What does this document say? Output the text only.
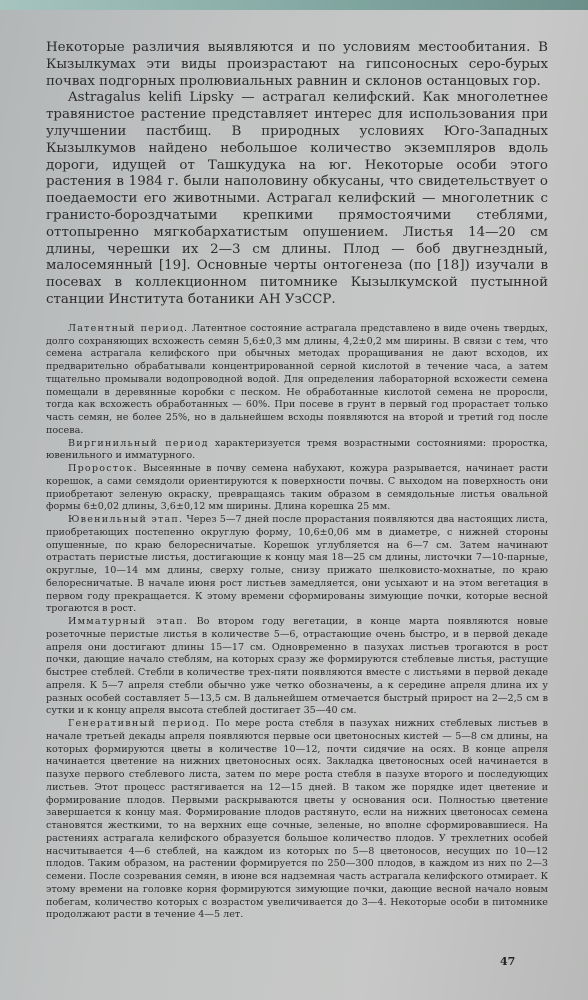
Некоторые различия выявляются и по условиям местообитания. В Кызылкумах эти виды произрастают на гипсоносных серо-бурых почвах подгорных пролювиальных равнин и склонов останцовых гор.

Astragalus kelifi Lipsky — астрагал келифский. Как многолетнее травянистое растение представляет интерес для использования при улучшении пастбищ. В природных условиях Юго-Западных Кызылкумов найдено небольшое количество экземпляров вдоль дороги, идущей от Ташкудука на юг. Некоторые особи этого растения в 1984 г. были наполовину обкусаны, что свидетельствует о поедаемости его животными. Астрагал келифский — многолетник с гранисто-бороздчатыми крепкими прямостоячими стеблями, оттопыренно мягкобархатистым опушением. Листья 14—20 см длины, черешки их 2—3 см длины. Плод — боб двугнездный, малосемянный [19]. Основные черты онтогенеза (по [18]) изучали в посевах в коллекционном питомнике Кызылкумской пустынной станции Института ботаники АН УзССР.

Латентный период. Латентное состояние астрагала представлено в виде очень твердых, долго сохраняющих всхожесть семян 5,6±0,3 мм длины, 4,2±0,2 мм ширины. В связи с тем, что семена астрагала келифского при обычных методах проращивания не дают всходов, их предварительно обрабатывали концентрированной серной кислотой в течение часа, а затем тщательно промывали водопроводной водой. Для определения лабораторной всхожести семена помещали в деревянные коробки с песком. Не обработанные кислотой семена не проросли, тогда как всхожесть обработанных — 60%. При посеве в грунт в первый год прорастает только часть семян, не более 25%, но в дальнейшем всходы появляются на второй и третий год после посева.

Виргинильный период характеризуется тремя возрастными состояниями: проростка, ювенильного и имматурного.

Проросток. Высеянные в почву семена набухают, кожура разрывается, начинает расти корешок, а сами семядоли ориентируются к поверхности почвы. С выходом на поверхность они приобретают зеленую окраску, превращаясь таким образом в семядольные листья овальной формы 6±0,02 длины, 3,6±0,12 мм ширины. Длина корешка 25 мм.

Ювенильный этап. Через 5—7 дней после прорастания появляются два настоящих листа, приобретающих постепенно округлую форму, 10,6±0,06 мм в диаметре, с нижней стороны опушенные, по краю белоресничатые. Корешок углубляется на 6—7 см. Затем начинают отрастать перистые листья, достигающие к концу мая 18—25 см длины, листочки 7—10-парные, округлые, 10—14 мм длины, сверху голые, снизу прижато шелковисто-мохнатые, по краю белоресничатые. В начале июня рост листьев замедляется, они усыхают и на этом вегетация в первом году прекращается. К этому времени сформированы зимующие почки, которые весной трогаются в рост.

Имматурный этап. Во втором году вегетации, в конце марта появляются новые розеточные перистые листья в количестве 5—6, отрастающие очень быстро, и в первой декаде апреля они достигают длины 15—17 см. Одновременно в пазухах листьев трогаются в рост почки, дающие начало стеблям, на которых сразу же формируются стеблевые листья, растущие быстрее стеблей. Стебли в количестве трех-пяти появляются вместе с листьями в первой декаде апреля. К 5—7 апреля стебли обычно уже четко обозначены, а к середине апреля длина их у разных особей составляет 5—13,5 см. В дальнейшем отмечается быстрый прирост на 2—2,5 см в сутки и к концу апреля высота стеблей достигает 35—40 см.

Генеративный период. По мере роста стебля в пазухах нижних стеблевых листьев в начале третьей декады апреля появляются первые оси цветоносных кистей — 5—8 см длины, на которых формируются цветы в количестве 10—12, почти сидячие на осях. В конце апреля начинается цветение на нижних цветоносных осях. Закладка цветоносных осей начинается в пазухе первого стеблевого листа, затем по мере роста стебля в пазухе второго и последующих листьев. Этот процесс растягивается на 12—15 дней. В таком же порядке идет цветение и формирование плодов. Первыми раскрываются цветы у основания оси. Полностью цветение завершается к концу мая. Формирование плодов растянуто, если на нижних цветоносах семена становятся жесткими, то на верхних еще сочные, зеленые, но вполне сформировавшиеся. На растениях астрагала келифского образуется большое количество плодов. У трехлетних особей насчитывается 4—6 стеблей, на каждом из которых по 5—8 цветоносов, несущих по 10—12 плодов. Таким образом, на растении формируется по 250—300 плодов, в каждом из них по 2—3 семени. После созревания семян, в июне вся надземная часть астрагала келифского отмирает. К этому времени на головке корня формируются зимующие почки, дающие весной начало новым побегам, количество которых с возрастом увеличивается до 3—4. Некоторые особи в питомнике продолжают расти в течение 4—5 лет.

47
